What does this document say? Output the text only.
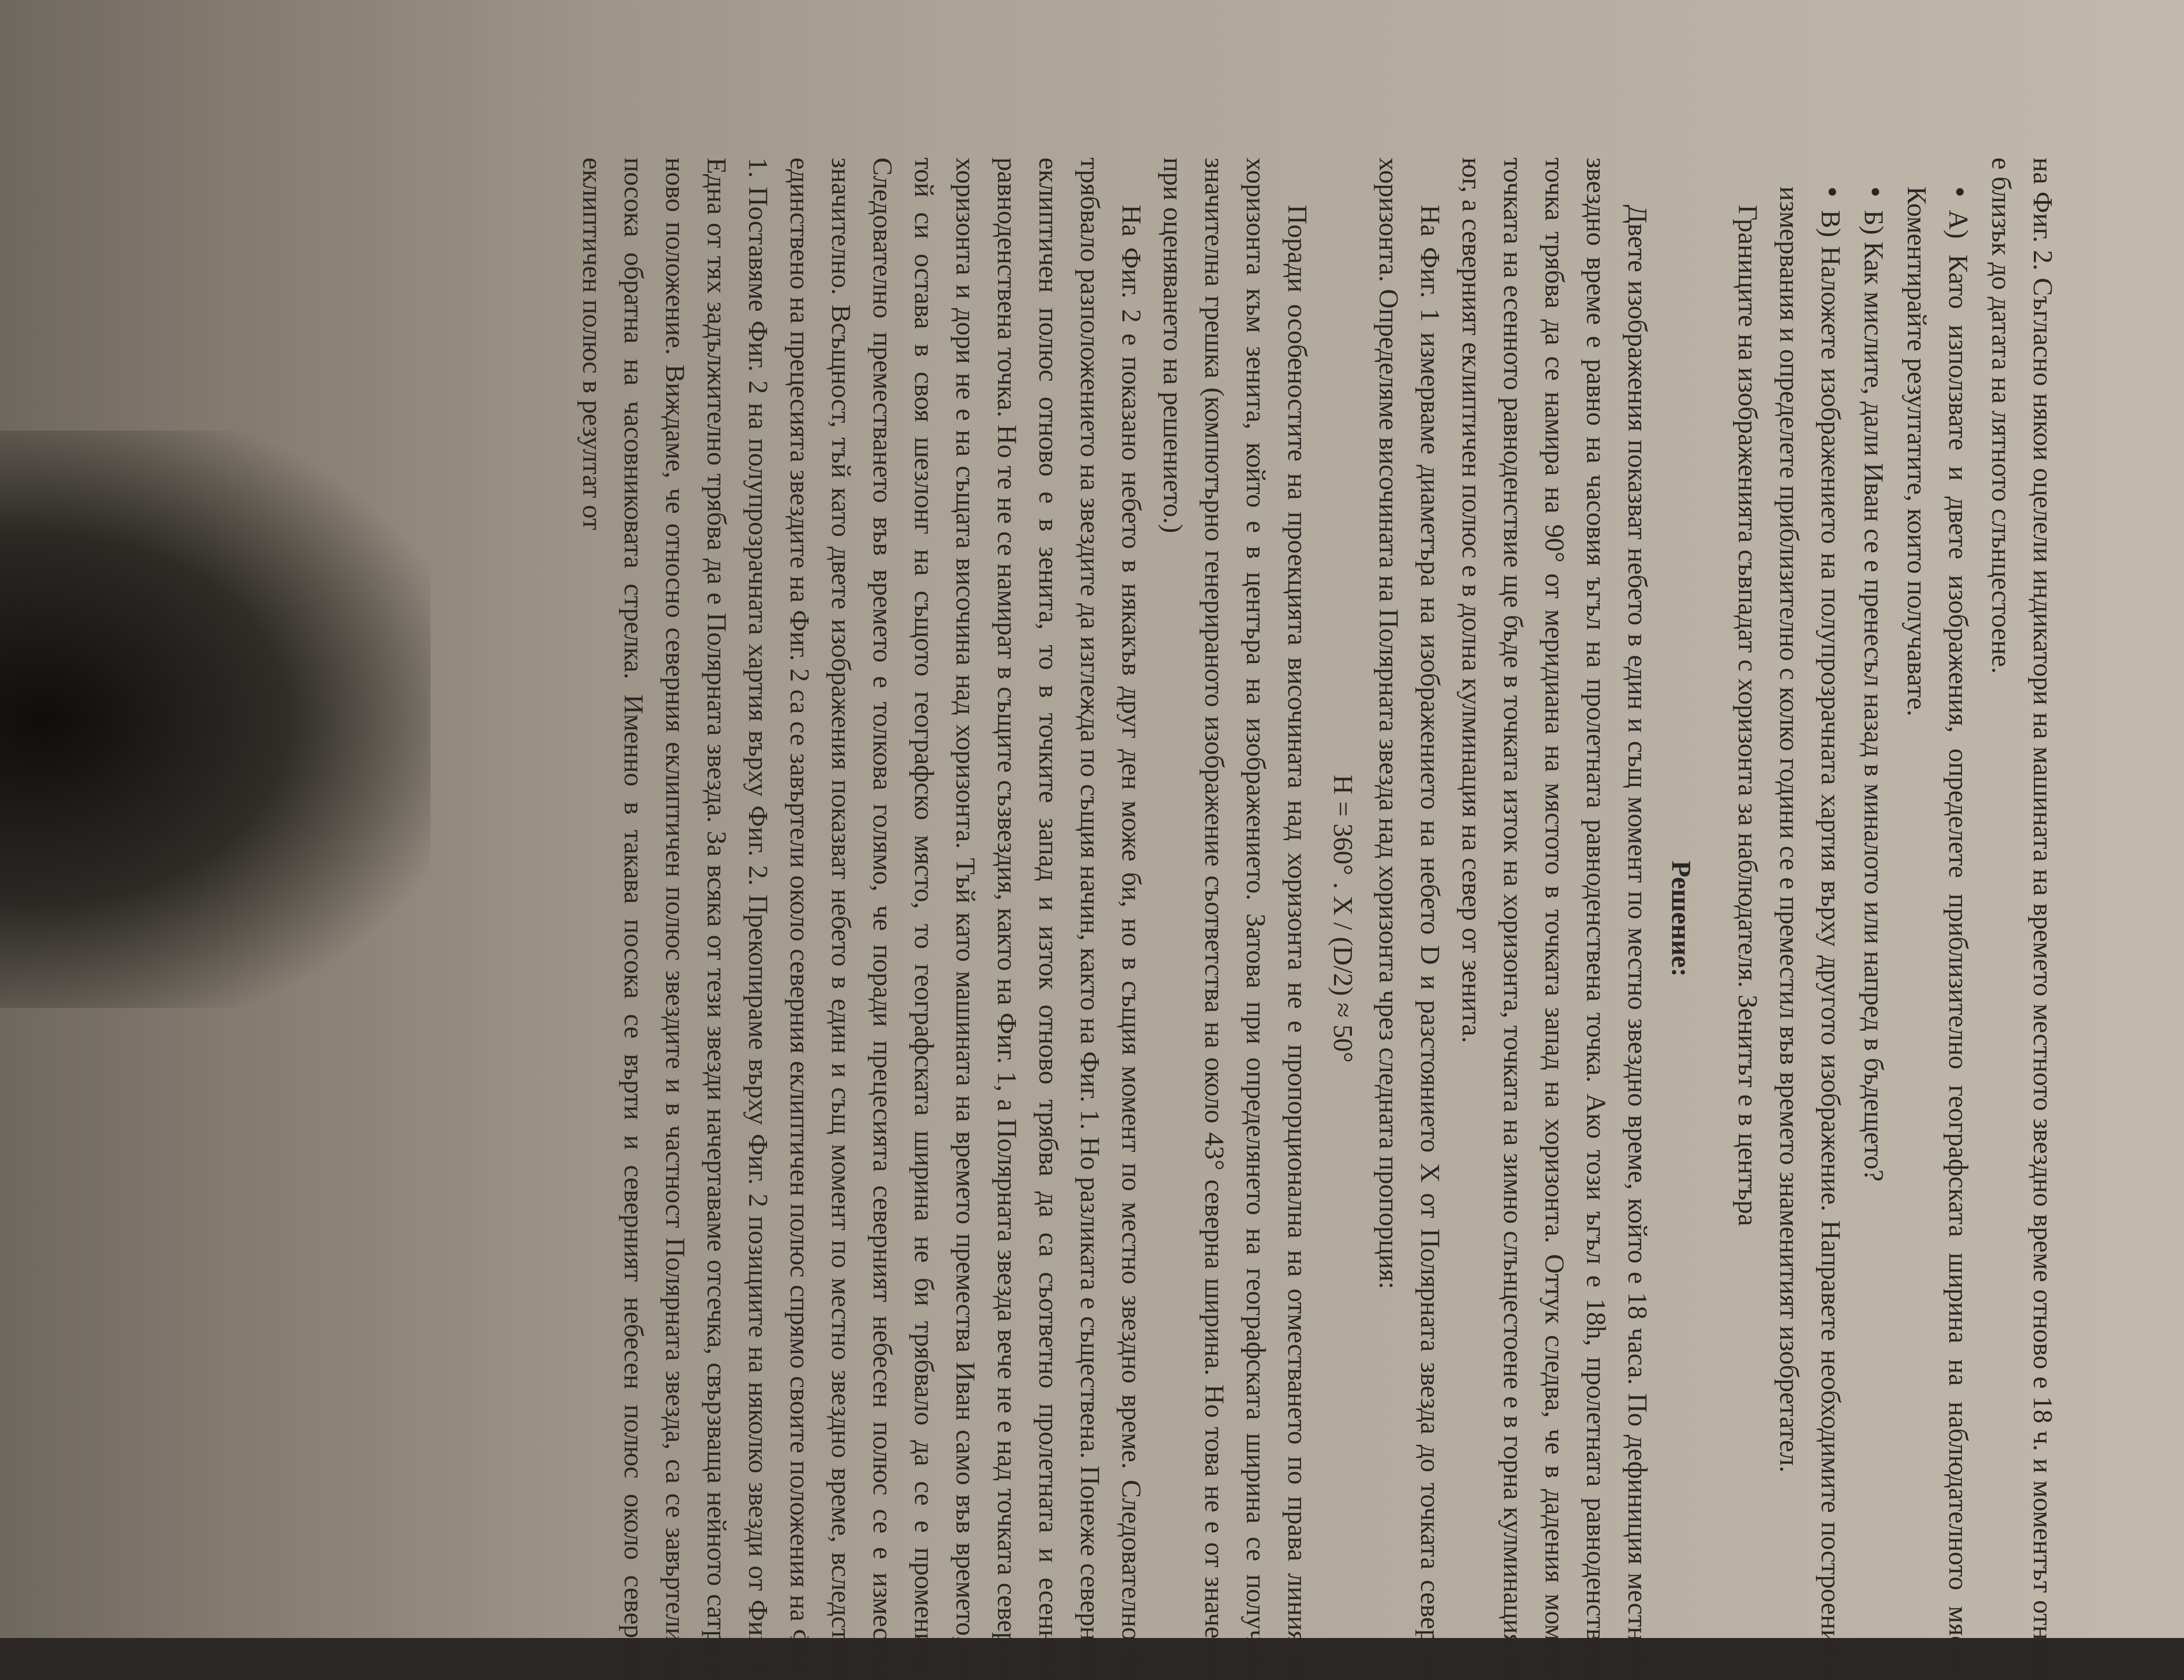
на Фиг. 2. Съгласно някои оцелели индикатори на машината на времето местното звездно време отново е 18 ч. и моментът отново е близък до датата на лятното слънцестоене.

•А) Като използвате и двете изображения, определете приблизително географската ширина на наблюдателното място. Коментирайте резултатите, които получавате.

•Б) Как мислите, дали Иван се е пренесъл назад в миналото или напред в бъдещето?

•В) Наложете изображението на полупрозрачната хартия върху другото изображение. Направете необходимите построения и измервания и определете приблизително с колко години се е преместил във времето знаменитият изобретател.

Границите на изображенията съвпадат с хоризонта за наблюдателя. Зенитът е в центъра

Решение:

Двете изображения показват небето в един и същ момент по местно звездно време, който е 18 часа. По дефиниция местното звездно време е равно на часовия ъгъл на пролетната равноденствена точка. Ако този ъгъл е 18h, пролетната равноденствена точка трябва да се намира на 90° от меридиана на мястото в точката запад на хоризонта. Оттук следва, че в дадения момент точката на есенното равноденствие ще бъде в точката изток на хоризонта, точката на зимно слънцестоене е в горна кулминация на юг, а северният еклиптичен полюс е в долна кулминация на север от зенита.

На Фиг. 1 измерваме диаметъра на изображението на небето D и разстоянието X от Полярната звезда до точката север на хоризонта. Определяме височината на Полярната звезда над хоризонта чрез следната пропорция:

H = 360° . X / (D/2) ≈ 50°

Поради особеностите на проекцията височината над хоризонта не е пропорционална на отместването по права линия от хоризонта към зенита, който е в центъра на изображението. Затова при определянето на географската ширина се получава значителна грешка (компютърно генерираното изображение съответства на около 43° северна ширина. Но това не е от значение при оценяването на решението.)

На Фиг. 2 е показано небето в някакъв друг ден може би, но в същия момент по местно звездно време. Следователно би трябвало разположението на звездите да изглежда по същия начин, както на Фиг. 1. Но разликата е съществена. Понеже северният еклиптичен полюс отново е в зенита, то в точките запад и изток отново трябва да са съответно пролетната и есенната равноденствена точка. Но те не се намират в същите съзвездия, както на Фиг. 1, а Полярната звезда вече не е над точката север на хоризонта и дори не е на същата височина над хоризонта. Тъй като машината на времето премества Иван само във времето, но той си остава в своя шезлонг на същото географско място, то географската ширина не би трябвало да се е променила. Следователно преместването във времето е толкова голямо, че поради прецесията северният небесен полюс се е изместил значително. Всъщност, тъй като двете изображения показват небето в един и същ момент по местно звездно време, вследствие единствено на прецесията звездите на Фиг. 2 са се завъртели около северния еклиптичен полюс спрямо своите положения на Фиг. 1. Поставяме Фиг. 2 на полупрозрачната хартия върху Фиг. 2. Прекопираме върху Фиг. 2 позициите на няколко звезди от Фиг. 1. Една от тях задължително трябва да е Полярната звезда. За всяка от тези звезди начертаваме отсечка, свързваща нейното сатро и ново положение. Виждаме, че относно северния еклиптичен полюс звездите и в частност Полярната звезда, са се завъртели по посока обратна на часовниковата стрелка. Именно в такава посока се върти и северният небесен полюс около северния еклиптичен полюс в резултат от
